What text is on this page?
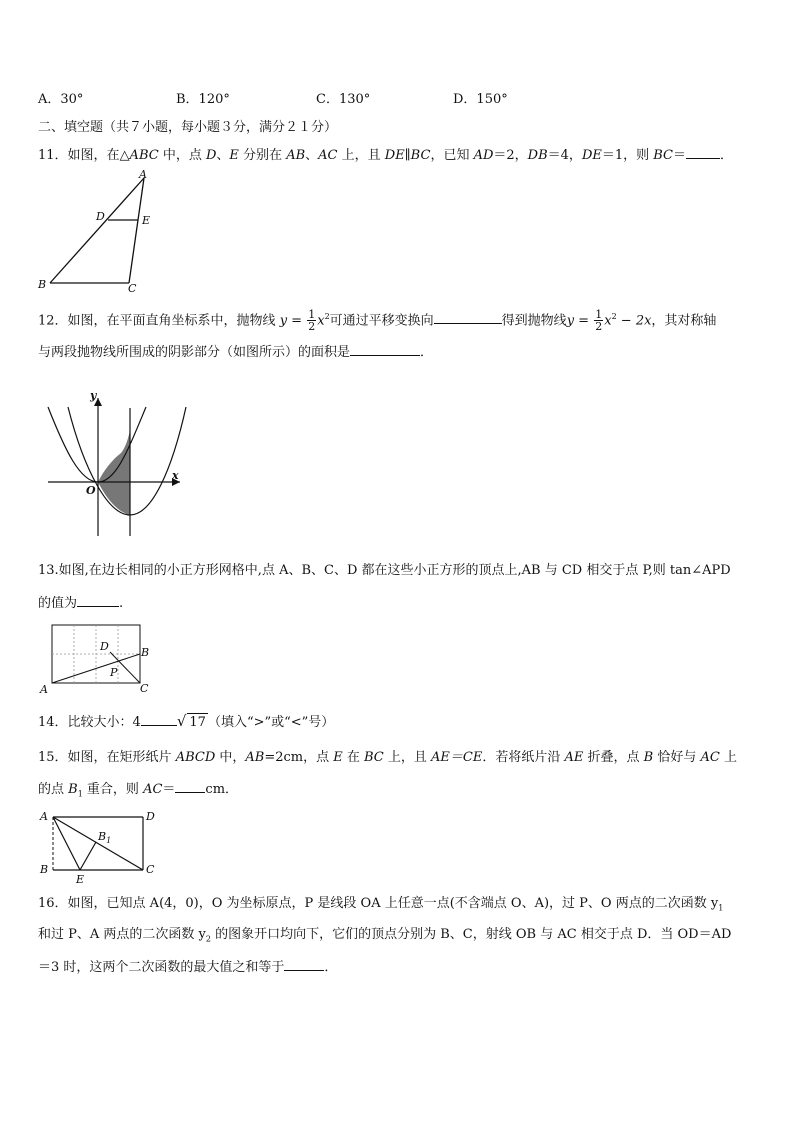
A．30°	B．120°	C．130°	D．150°
二、填空题（共７小题，每小题３分，满分２１分）
11．如图，在△ABC 中，点 D、E 分别在 AB、AC 上，且 DE∥BC，已知 AD＝2，DB＝4，DE＝1，则 BC＝	．
A
D	E
B	C
12．如图，在平面直角坐标系中，抛物线 $y = \frac{1}{2} x^2$可通过平移变换向	得到抛物线$y = \frac{1}{2} x^2 - 2x$，其对称轴
与两段抛物线所围成的阴影部分（如图所示）的面积是	．
y
x
O
13.如图,在边长相同的小正方形网格中,点 A、B、C、D 都在这些小正方形的顶点上,AB 与 CD 相交于点 P,则 tan∠APD
的值为	.
A
B
C
D
P
14．比较大小：4 √ 17 （填入“>”或“<”号）
15．如图，在矩形纸片 ABCD 中，AB=2cm，点 E 在 BC 上，且 AE＝CE．若将纸片沿 AE 折叠，点 B 恰好与 AC 上
的点 $B_1$ 重合，则 AC＝ cm．
A	D
B	C
E
$B_1$
16．如图，已知点 A(4，0)，O 为坐标原点，P 是线段 OA 上任意一点(不含端点 O、A)，过 P、O 两点的二次函数 $y_1$
和过 P、A 两点的二次函数 $y_2$ 的图象开口均向下，它们的顶点分别为 B、C，射线 OB 与 AC 相交于点 D．当 OD＝AD
＝3 时，这两个二次函数的最大值之和等于	．
